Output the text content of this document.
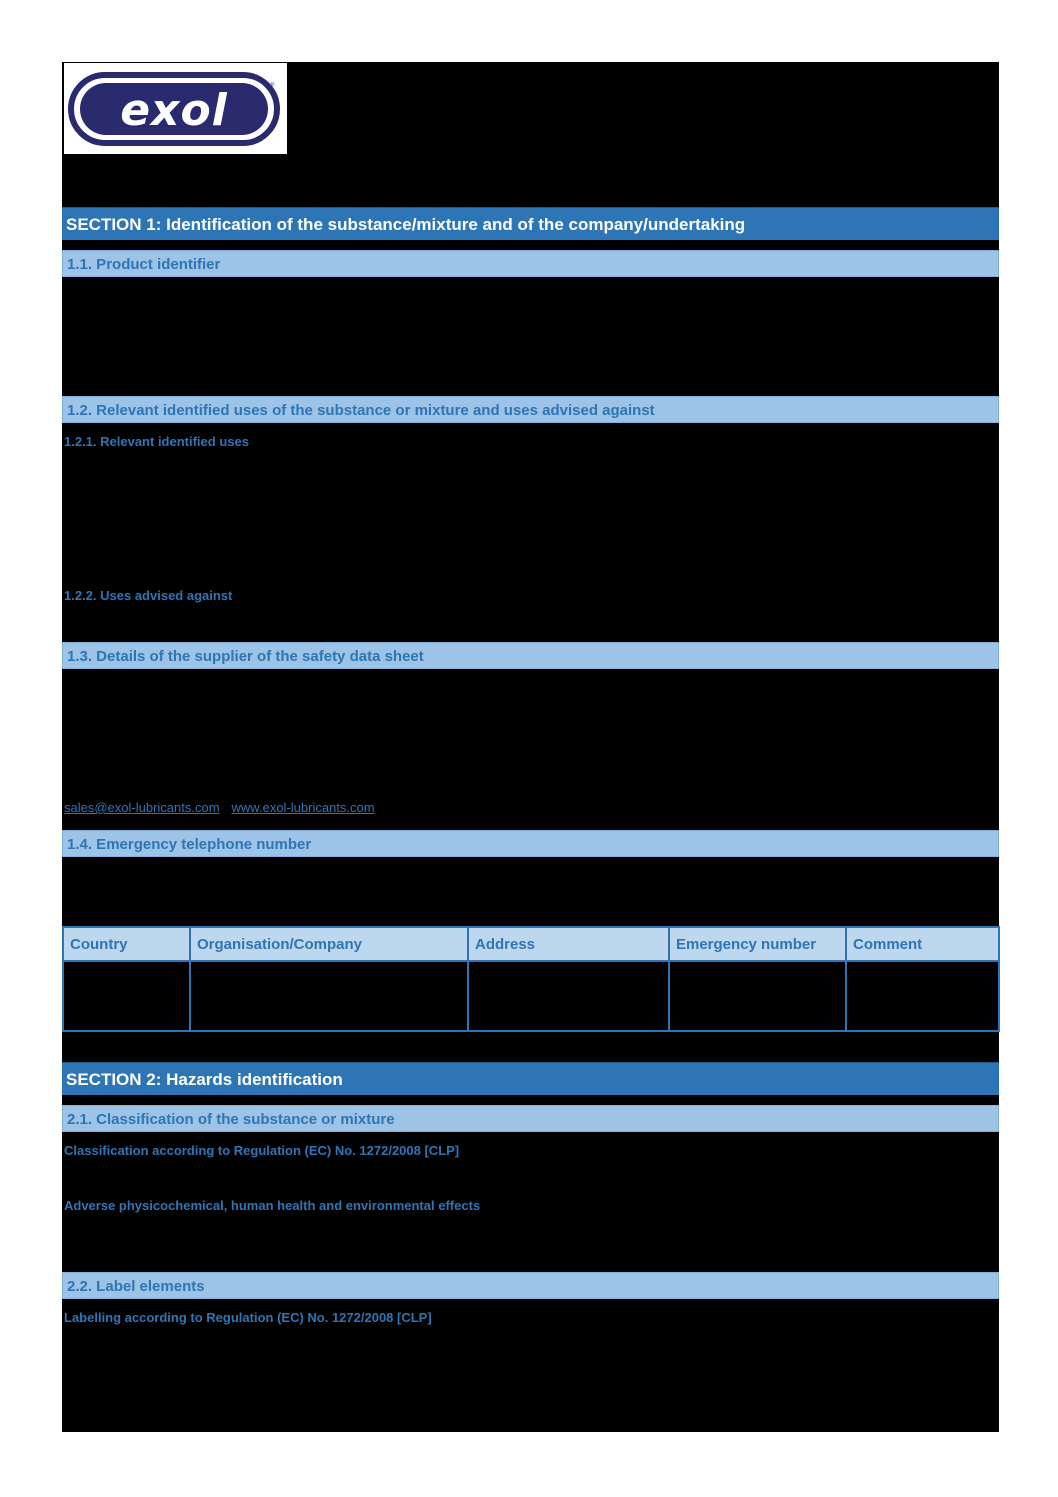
exol	®
SECTION 1: Identification of the substance/mixture and of the company/undertaking
1.1. Product identifier
1.2. Relevant identified uses of the substance or mixture and uses advised against
1.2.1. Relevant identified uses
1.2.2. Uses advised against
1.3. Details of the supplier of the safety data sheet
sales@exol-lubricants.com www.exol-lubricants.com
1.4. Emergency telephone number
Country	Organisation/Company	Address	Emergency number	Comment

SECTION 2: Hazards identification
2.1. Classification of the substance or mixture
Classification according to Regulation (EC) No. 1272/2008 [CLP]
Adverse physicochemical, human health and environmental effects
2.2. Label elements
Labelling according to Regulation (EC) No. 1272/2008 [CLP]
